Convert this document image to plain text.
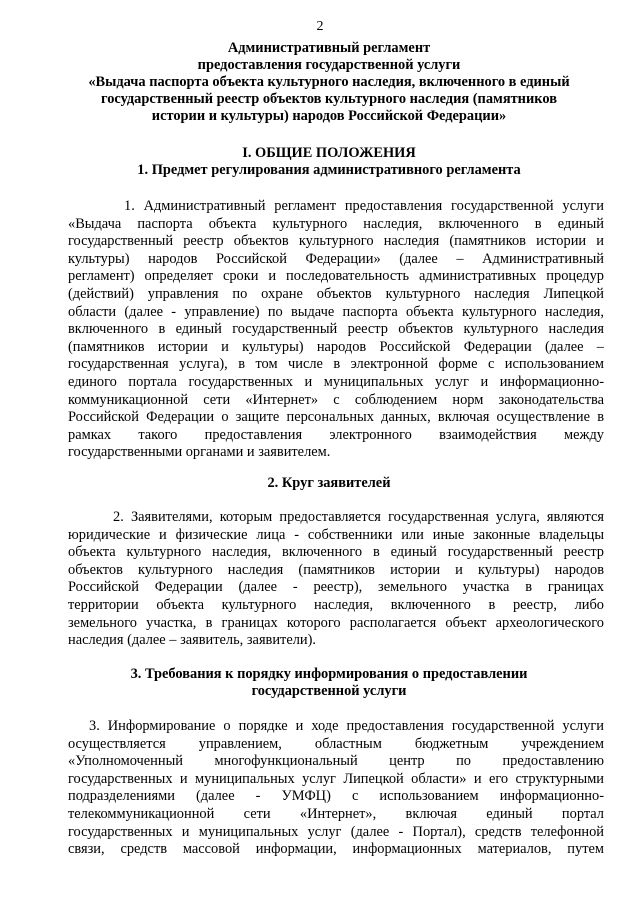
2
Административный регламент
предоставления государственной услуги
«Выдача паспорта объекта культурного наследия, включенного в единый
государственный реестр объектов культурного наследия (памятников
истории и культуры) народов Российской Федерации»
I. ОБЩИЕ ПОЛОЖЕНИЯ
1. Предмет регулирования административного регламента
1. Административный регламент предоставления государственной услуги
«Выдача паспорта объекта культурного наследия, включенного в единый
государственный реестр объектов культурного наследия (памятников истории и
культуры) народов Российской Федерации» (далее – Административный
регламент) определяет сроки и последовательность административных процедур
(действий) управления по охране объектов культурного наследия Липецкой
области (далее - управление) по выдаче паспорта объекта культурного наследия,
включенного в единый государственный реестр объектов культурного наследия
(памятников истории и культуры) народов Российской Федерации (далее –
государственная услуга), в том числе в электронной форме с использованием
единого портала государственных и муниципальных услуг и информационно-
коммуникационной сети «Интернет» с соблюдением норм законодательства
Российской Федерации о защите персональных данных, включая осуществление в
рамках такого предоставления электронного взаимодействия между
государственными органами и заявителем.
2. Круг заявителей
2. Заявителями, которым предоставляется государственная услуга, являются
юридические и физические лица - собственники или иные законные владельцы
объекта культурного наследия, включенного в единый государственный реестр
объектов культурного наследия (памятников истории и культуры) народов
Российской Федерации (далее - реестр), земельного участка в границах
территории объекта культурного наследия, включенного в реестр, либо
земельного участка, в границах которого располагается объект археологического
наследия (далее – заявитель, заявители).
3. Требования к порядку информирования о предоставлении
государственной услуги
3. Информирование о порядке и ходе предоставления государственной услуги
осуществляется управлением, областным бюджетным учреждением
«Уполномоченный многофункциональный центр по предоставлению
государственных и муниципальных услуг Липецкой области» и его структурными
подразделениями (далее - УМФЦ) с использованием информационно-
телекоммуникационной сети «Интернет», включая единый портал
государственных и муниципальных услуг (далее - Портал), средств телефонной
связи, средств массовой информации, информационных материалов, путем
